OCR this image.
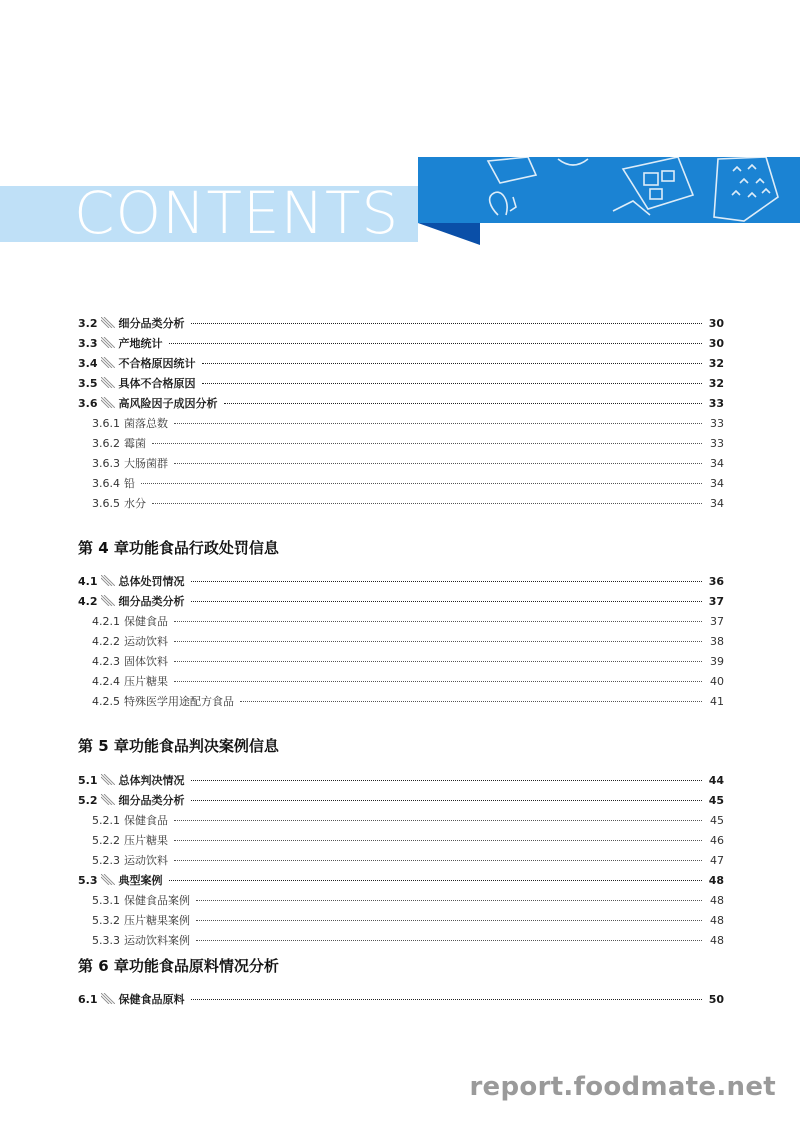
CONTENTS
3.2 细分品类分析	30
3.3 产地统计	30
3.4 不合格原因统计	32
3.5 具体不合格原因	32
3.6 高风险因子成因分析	33
3.6.1 菌落总数	33
3.6.2 霉菌	33
3.6.3 大肠菌群	34
3.6.4 铅	34
3.6.5 水分	34
第 4 章功能食品行政处罚信息
4.1 总体处罚情况	36
4.2 细分品类分析	37
4.2.1 保健食品	37
4.2.2 运动饮料	38
4.2.3 固体饮料	39
4.2.4 压片糖果	40
4.2.5 特殊医学用途配方食品	41
第 5 章功能食品判决案例信息
5.1 总体判决情况	44
5.2 细分品类分析	45
5.2.1 保健食品	45
5.2.2 压片糖果	46
5.2.3 运动饮料	47
5.3 典型案例	48
5.3.1 保健食品案例	48
5.3.2 压片糖果案例	48
5.3.3 运动饮料案例	48
第 6 章功能食品原料情况分析
6.1 保健食品原料	50

report.foodmate.net
